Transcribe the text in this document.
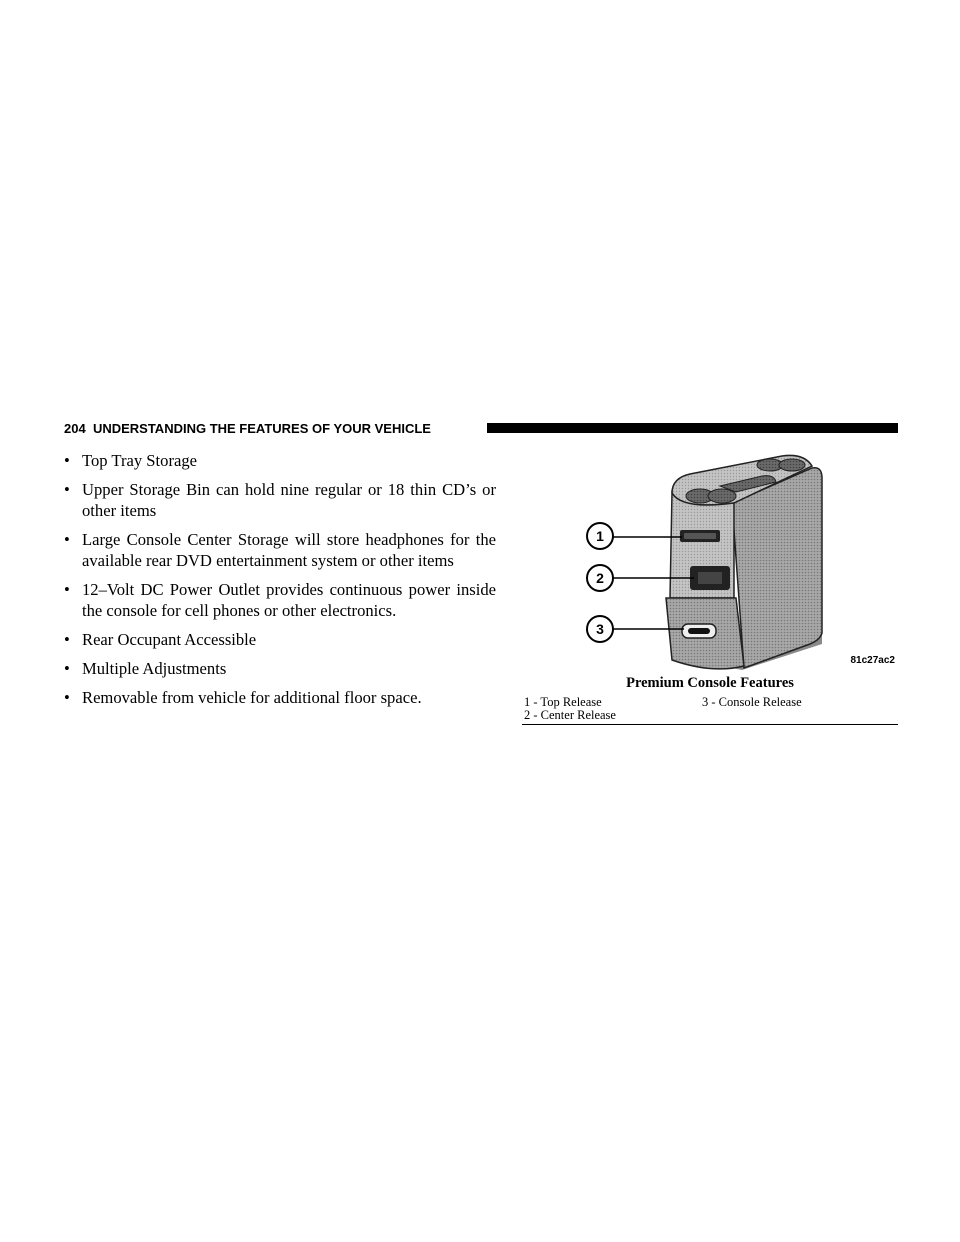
204 UNDERSTANDING THE FEATURES OF YOUR VEHICLE
• Top Tray Storage
• Upper Storage Bin can hold nine regular or 18 thin CD’s or other items
• Large Console Center Storage will store headphones for the available rear DVD entertainment system or other items
• 12–Volt DC Power Outlet provides continuous power inside the console for cell phones or other electronics.
• Rear Occupant Accessible
• Multiple Adjustments
• Removable from vehicle for additional floor space.
1
2
3
81c27ac2
Premium Console Features
1 - Top Release
2 - Center Release
3 - Console Release
